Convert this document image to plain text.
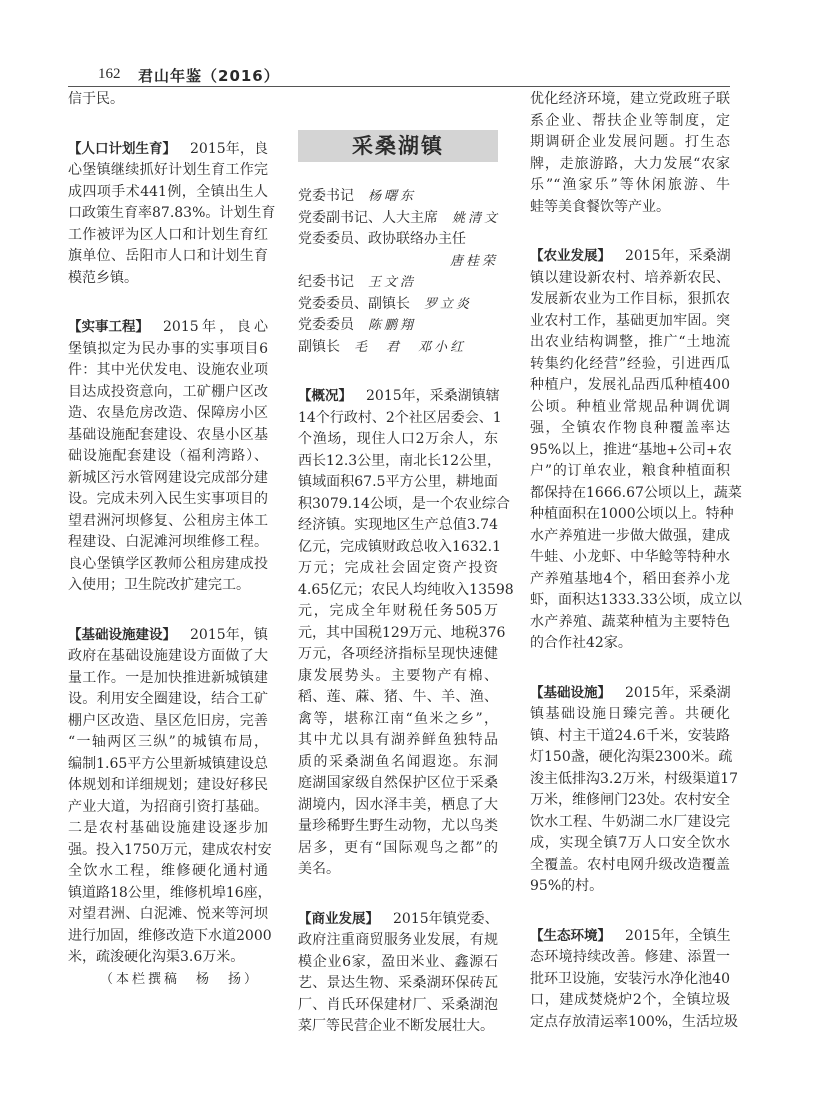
162 君山年鉴（2016）
信于民。
【人口计划生育】 2015年，良
心堡镇继续抓好计划生育工作完
成四项手术441例，全镇出生人
口政策生育率87.83%。计划生育
工作被评为区人口和计划生育红
旗单位、岳阳市人口和计划生育
模范乡镇。
【实事工程】 2015年，良心
堡镇拟定为民办事的实事项目6
件：其中光伏发电、设施农业项
目达成投资意向，工矿棚户区改
造、农垦危房改造、保障房小区
基础设施配套建设、农垦小区基
础设施配套建设（福利湾路）、
新城区污水管网建设完成部分建
设。完成未列入民生实事项目的
望君洲河坝修复、公租房主体工
程建设、白泥滩河坝维修工程。
良心堡镇学区教师公租房建成投
入使用；卫生院改扩建完工。
【基础设施建设】 2015年，镇
政府在基础设施建设方面做了大
量工作。一是加快推进新城镇建
设。利用安全圈建设，结合工矿
棚户区改造、垦区危旧房，完善
“一轴两区三纵”的城镇布局，
编制1.65平方公里新城镇建设总
体规划和详细规划；建设好移民
产业大道，为招商引资打基础。
二是农村基础设施建设逐步加
强。投入1750万元，建成农村安
全饮水工程，维修硬化通村通
镇道路18公里，维修机埠16座，
对望君洲、白泥滩、悦来等河坝
进行加固，维修改造下水道2000
米，疏浚硬化沟渠3.6万米。
（本栏撰稿　杨　扬）
采桑湖镇
党委书记 杨曙东
党委副书记、人大主席 姚清文
党委委员、政协联络办主任
唐桂荣
纪委书记 王文浩
党委委员、副镇长 罗立炎
党委委员 陈鹏翔
副镇长 毛　君　邓小红
【概况】 2015年，采桑湖镇辖
14个行政村、2个社区居委会、1
个渔场，现住人口2万余人，东
西长12.3公里，南北长12公里，
镇域面积67.5平方公里，耕地面
积3079.14公顷，是一个农业综合
经济镇。实现地区生产总值3.74
亿元，完成镇财政总收入1632.1
万元；完成社会固定资产投资
4.65亿元；农民人均纯收入13598
元，完成全年财税任务505万
元，其中国税129万元、地税376
万元，各项经济指标呈现快速健
康发展势头。主要物产有棉、
稻、莲、蔴、猪、牛、羊、渔、
禽等，堪称江南“鱼米之乡”，
其中尤以具有湖养鲜鱼独特品
质的采桑湖鱼名闻遐迩。东洞
庭湖国家级自然保护区位于采桑
湖境内，因水泽丰美，栖息了大
量珍稀野生野生动物，尤以鸟类
居多，更有“国际观鸟之都”的
美名。
【商业发展】 2015年镇党委、
政府注重商贸服务业发展，有规
模企业6家，盈田米业、鑫源石
艺、景达生物、采桑湖环保砖瓦
厂、肖氏环保建材厂、采桑湖泡
菜厂等民营企业不断发展壮大。
优化经济环境，建立党政班子联
系企业、帮扶企业等制度，定
期调研企业发展问题。打生态
牌，走旅游路，大力发展“农家
乐”“渔家乐”等休闲旅游、牛
蛙等美食餐饮等产业。
【农业发展】 2015年，采桑湖
镇以建设新农村、培养新农民、
发展新农业为工作目标，狠抓农
业农村工作，基础更加牢固。突
出农业结构调整，推广“土地流
转集约化经营”经验，引进西瓜
种植户，发展礼品西瓜种植400
公顷。种植业常规品种调优调
强，全镇农作物良种覆盖率达
95%以上，推进“基地+公司+农
户”的订单农业，粮食种植面积
都保持在1666.67公顷以上，蔬菜
种植面积在1000公顷以上。特种
水产养殖进一步做大做强，建成
牛蛙、小龙虾、中华鲶等特种水
产养殖基地4个，稻田套养小龙
虾，面积达1333.33公顷，成立以
水产养殖、蔬菜种植为主要特色
的合作社42家。
【基础设施】 2015年，采桑湖
镇基础设施日臻完善。共硬化
镇、村主干道24.6千米，安装路
灯150盏，硬化沟渠2300米。疏
浚主低排沟3.2万米，村级渠道17
万米，维修闸门23处。农村安全
饮水工程、牛奶湖二水厂建设完
成，实现全镇7万人口安全饮水
全覆盖。农村电网升级改造覆盖
95%的村。
【生态环境】 2015年，全镇生
态环境持续改善。修建、添置一
批环卫设施，安装污水净化池40
口，建成焚烧炉2个，全镇垃圾
定点存放清运率100%，生活垃圾
